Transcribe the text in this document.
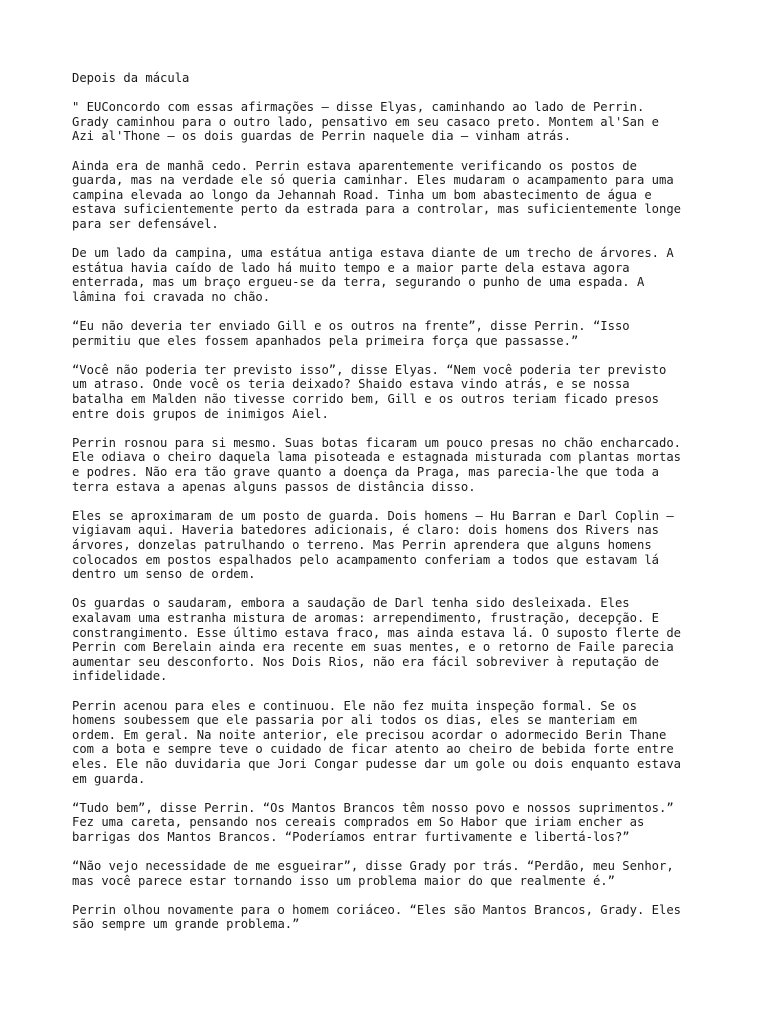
Depois da mácula
" EUConcordo com essas afirmações — disse Elyas, caminhando ao lado de Perrin.
Grady caminhou para o outro lado, pensativo em seu casaco preto. Montem al'San e
Azi al'Thone — os dois guardas de Perrin naquele dia — vinham atrás.
Ainda era de manhã cedo. Perrin estava aparentemente verificando os postos de
guarda, mas na verdade ele só queria caminhar. Eles mudaram o acampamento para uma
campina elevada ao longo da Jehannah Road. Tinha um bom abastecimento de água e
estava suficientemente perto da estrada para a controlar, mas suficientemente longe
para ser defensável.
De um lado da campina, uma estátua antiga estava diante de um trecho de árvores. A
estátua havia caído de lado há muito tempo e a maior parte dela estava agora
enterrada, mas um braço ergueu-se da terra, segurando o punho de uma espada. A
lâmina foi cravada no chão.
“Eu não deveria ter enviado Gill e os outros na frente”, disse Perrin. “Isso
permitiu que eles fossem apanhados pela primeira força que passasse.”
“Você não poderia ter previsto isso”, disse Elyas. “Nem você poderia ter previsto
um atraso. Onde você os teria deixado? Shaido estava vindo atrás, e se nossa
batalha em Malden não tivesse corrido bem, Gill e os outros teriam ficado presos
entre dois grupos de inimigos Aiel.
Perrin rosnou para si mesmo. Suas botas ficaram um pouco presas no chão encharcado.
Ele odiava o cheiro daquela lama pisoteada e estagnada misturada com plantas mortas
e podres. Não era tão grave quanto a doença da Praga, mas parecia-lhe que toda a
terra estava a apenas alguns passos de distância disso.
Eles se aproximaram de um posto de guarda. Dois homens – Hu Barran e Darl Coplin –
vigiavam aqui. Haveria batedores adicionais, é claro: dois homens dos Rivers nas
árvores, donzelas patrulhando o terreno. Mas Perrin aprendera que alguns homens
colocados em postos espalhados pelo acampamento conferiam a todos que estavam lá
dentro um senso de ordem.
Os guardas o saudaram, embora a saudação de Darl tenha sido desleixada. Eles
exalavam uma estranha mistura de aromas: arrependimento, frustração, decepção. E
constrangimento. Esse último estava fraco, mas ainda estava lá. O suposto flerte de
Perrin com Berelain ainda era recente em suas mentes, e o retorno de Faile parecia
aumentar seu desconforto. Nos Dois Rios, não era fácil sobreviver à reputação de
infidelidade.
Perrin acenou para eles e continuou. Ele não fez muita inspeção formal. Se os
homens soubessem que ele passaria por ali todos os dias, eles se manteriam em
ordem. Em geral. Na noite anterior, ele precisou acordar o adormecido Berin Thane
com a bota e sempre teve o cuidado de ficar atento ao cheiro de bebida forte entre
eles. Ele não duvidaria que Jori Congar pudesse dar um gole ou dois enquanto estava
em guarda.
“Tudo bem”, disse Perrin. “Os Mantos Brancos têm nosso povo e nossos suprimentos.”
Fez uma careta, pensando nos cereais comprados em So Habor que iriam encher as
barrigas dos Mantos Brancos. “Poderíamos entrar furtivamente e libertá-los?”
“Não vejo necessidade de me esgueirar”, disse Grady por trás. “Perdão, meu Senhor,
mas você parece estar tornando isso um problema maior do que realmente é.”
Perrin olhou novamente para o homem coriáceo. “Eles são Mantos Brancos, Grady. Eles
são sempre um grande problema.”
